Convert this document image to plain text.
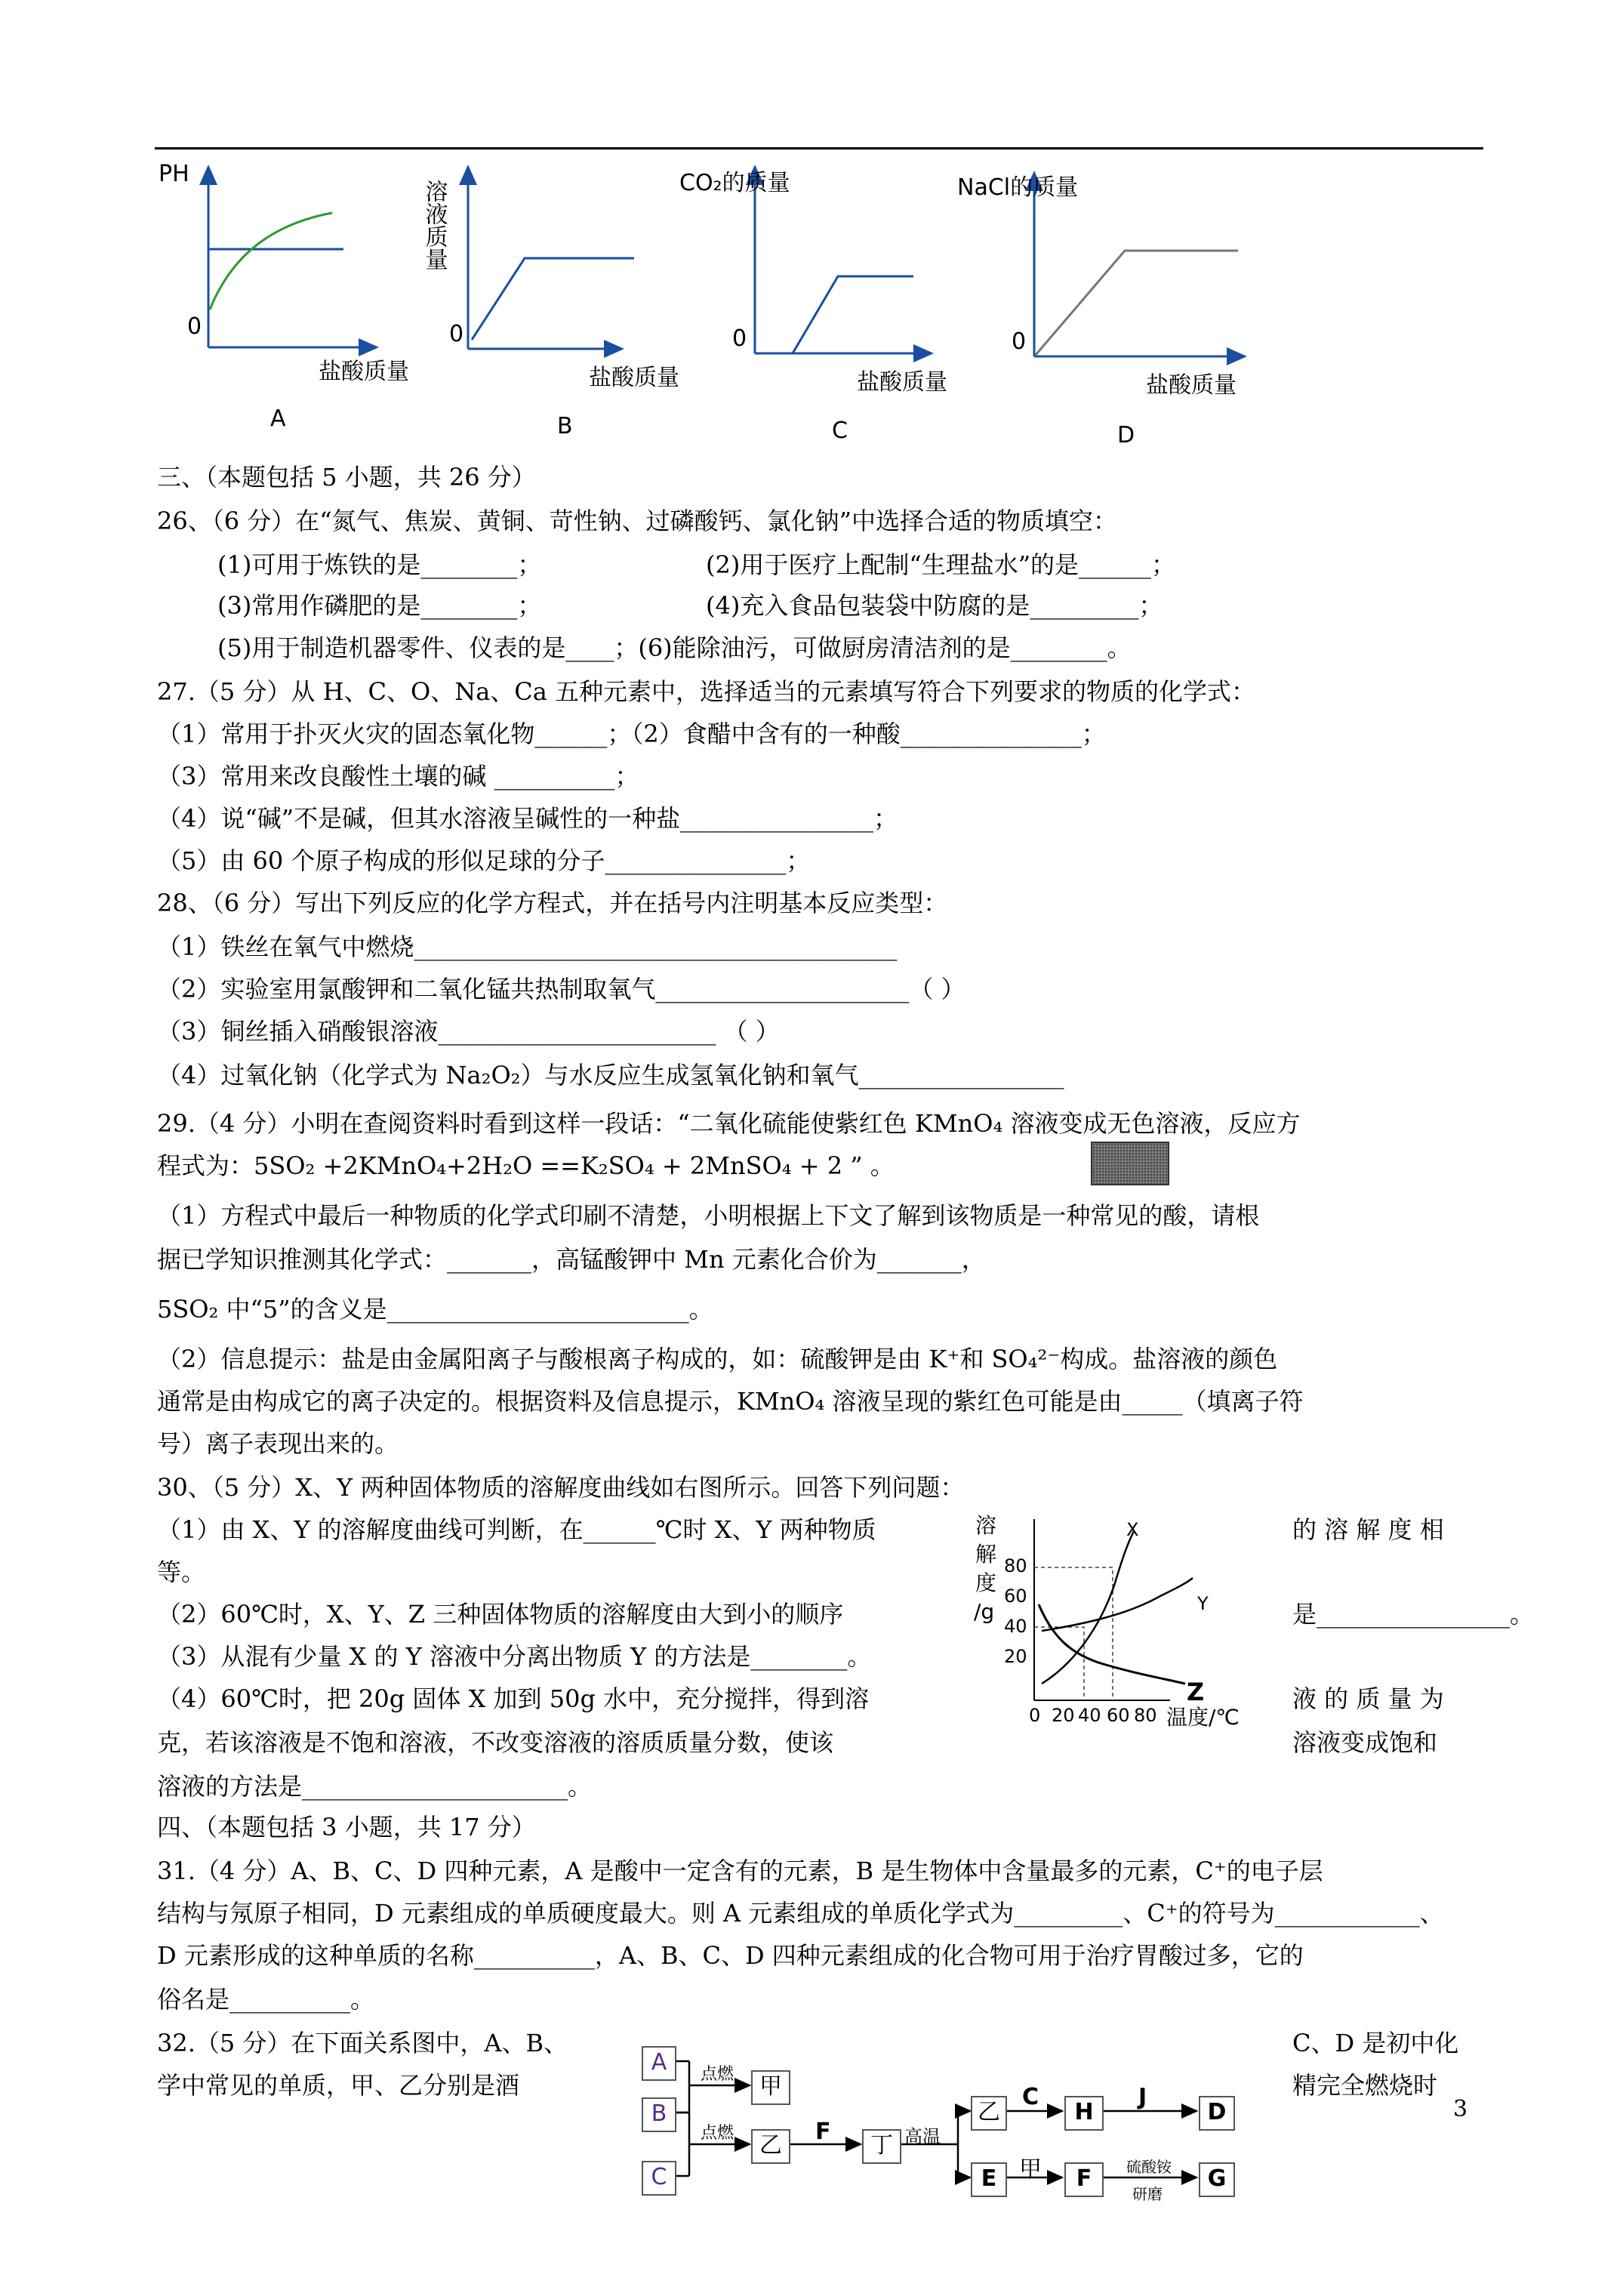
PH
0
盐酸质量
A
溶液质量
0
盐酸质量
B
CO₂的质量
0
盐酸质量
C
NaCl的质量
0
盐酸质量
D
三、（本题包括 5 小题，共 26 分）
26、（6 分）在“氮气、焦炭、黄铜、苛性钠、过磷酸钙、氯化钠”中选择合适的物质填空：
(1)可用于炼铁的是________；	(2)用于医疗上配制“生理盐水”的是______；
(3)常用作磷肥的是________；	(4)充入食品包装袋中防腐的是_________；
(5)用于制造机器零件、仪表的是____；(6)能除油污，可做厨房清洁剂的是________。
27.（5 分）从 H、C、O、Na、Ca 五种元素中，选择适当的元素填写符合下列要求的物质的化学式：
（1）常用于扑灭火灾的固态氧化物______；（2）食醋中含有的一种酸_______________；
（3）常用来改良酸性土壤的碱 __________；
（4）说“碱”不是碱，但其水溶液呈碱性的一种盐________________；
（5）由 60 个原子构成的形似足球的分子_______________；
28、（6 分）写出下列反应的化学方程式，并在括号内注明基本反应类型：
（1）铁丝在氧气中燃烧________________________________________
（2）实验室用氯酸钾和二氧化锰共热制取氧气_____________________（ ）
（3）铜丝插入硝酸银溶液_______________________ （ ）
（4）过氧化钠（化学式为 Na₂O₂）与水反应生成氢氧化钠和氧气_________________
29.（4 分）小明在查阅资料时看到这样一段话：“二氧化硫能使紫红色 KMnO₄ 溶液变成无色溶液，反应方
程式为：5SO₂ +2KMnO₄+2H₂O ==K₂SO₄ + 2MnSO₄ + 2 ” 。
（1）方程式中最后一种物质的化学式印刷不清楚，小明根据上下文了解到该物质是一种常见的酸，请根
据已学知识推测其化学式：_______，高锰酸钾中 Mn 元素化合价为_______，
5SO₂ 中“5”的含义是_________________________。
（2）信息提示：盐是由金属阳离子与酸根离子构成的，如：硫酸钾是由 K⁺和 SO₄²⁻构成。盐溶液的颜色
通常是由构成它的离子决定的。根据资料及信息提示，KMnO₄ 溶液呈现的紫红色可能是由_____（填离子符
号）离子表现出来的。
30、（5 分）X、Y 两种固体物质的溶解度曲线如右图所示。回答下列问题：
（1）由 X、Y 的溶解度曲线可判断，在______℃时 X、Y 两种物质	的 溶 解 度 相
等。
（2）60℃时，X、Y、Z 三种固体物质的溶解度由大到小的顺序	是________________。
（3）从混有少量 X 的 Y 溶液中分离出物质 Y 的方法是________。
（4）60℃时，把 20g 固体 X 加到 50g 水中，充分搅拌，得到溶	液 的 质 量 为
克，若该溶液是不饱和溶液，不改变溶液的溶质质量分数，使该	溶液变成饱和
溶液的方法是______________________。
溶
解
度
/g
80
60
40
20
0 20 40 60 80 温度/℃
X
Y
Z
四、（本题包括 3 小题，共 17 分）
31.（4 分）A、B、C、D 四种元素，A 是酸中一定含有的元素，B 是生物体中含量最多的元素，C⁺的电子层
结构与氖原子相同，D 元素组成的单质硬度最大。则 A 元素组成的单质化学式为_________、C⁺的符号为____________、
D 元素形成的这种单质的名称__________，A、B、C、D 四种元素组成的化合物可用于治疗胃酸过多，它的
俗名是__________。
32.（5 分）在下面关系图中，A、B、	C、D 是初中化
学中常见的单质，甲、乙分别是酒	精完全燃烧时
3
A
B
C
甲
乙	丁
乙	H	D
E	F	G
点燃
点燃	F	高温
C	J
甲	硫酸铵
研磨
